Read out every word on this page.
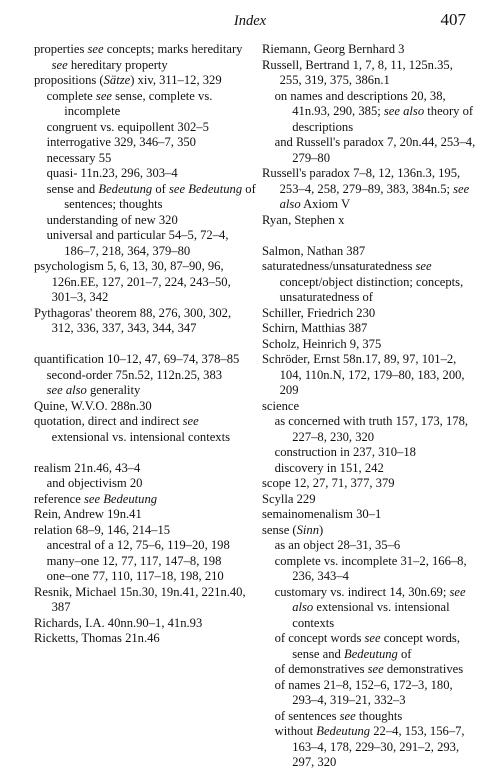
Index	407
properties see concepts; marks hereditary see hereditary property
propositions (Sätze) xiv, 311–12, 329
complete see sense, complete vs. incomplete
congruent vs. equipollent 302–5
interrogative 329, 346–7, 350
necessary 55
quasi- 11n.23, 296, 303–4
sense and Bedeutung of see Bedeutung of sentences; thoughts
understanding of new 320
universal and particular 54–5, 72–4, 186–7, 218, 364, 379–80
psychologism 5, 6, 13, 30, 87–90, 96, 126n.EE, 127, 201–7, 224, 243–50, 301–3, 342
Pythagoras' theorem 88, 276, 300, 302, 312, 336, 337, 343, 344, 347
quantification 10–12, 47, 69–74, 378–85
second-order 75n.52, 112n.25, 383
see also generality
Quine, W.V.O. 288n.30
quotation, direct and indirect see extensional vs. intensional contexts
realism 21n.46, 43–4
and objectivism 20
reference see Bedeutung
Rein, Andrew 19n.41
relation 68–9, 146, 214–15
ancestral of a 12, 75–6, 119–20, 198
many–one 12, 77, 117, 147–8, 198
one–one 77, 110, 117–18, 198, 210
Resnik, Michael 15n.30, 19n.41, 221n.40, 387
Richards, I.A. 40nn.90–1, 41n.93
Ricketts, Thomas 21n.46
Riemann, Georg Bernhard 3
Russell, Bertrand 1, 7, 8, 11, 125n.35, 255, 319, 375, 386n.1
on names and descriptions 20, 38, 41n.93, 290, 385; see also theory of descriptions
and Russell's paradox 7, 20n.44, 253–4, 279–80
Russell's paradox 7–8, 12, 136n.3, 195, 253–4, 258, 279–89, 383, 384n.5; see also Axiom V
Ryan, Stephen x
Salmon, Nathan 387
saturatedness/unsaturatedness see concept/object distinction; concepts, unsaturatedness of
Schiller, Friedrich 230
Schirn, Matthias 387
Scholz, Heinrich 9, 375
Schröder, Ernst 58n.17, 89, 97, 101–2, 104, 110n.N, 172, 179–80, 183, 200, 209
science
as concerned with truth 157, 173, 178, 227–8, 230, 320
construction in 237, 310–18
discovery in 151, 242
scope 12, 27, 71, 377, 379
Scylla 229
semainomenalism 30–1
sense (Sinn)
as an object 28–31, 35–6
complete vs. incomplete 31–2, 166–8, 236, 343–4
customary vs. indirect 14, 30n.69; see also extensional vs. intensional contexts
of concept words see concept words, sense and Bedeutung of
of demonstratives see demonstratives
of names 21–8, 152–6, 172–3, 180, 293–4, 319–21, 332–3
of sentences see thoughts
without Bedeutung 22–4, 153, 156–7, 163–4, 178, 229–30, 291–2, 293, 297, 320
